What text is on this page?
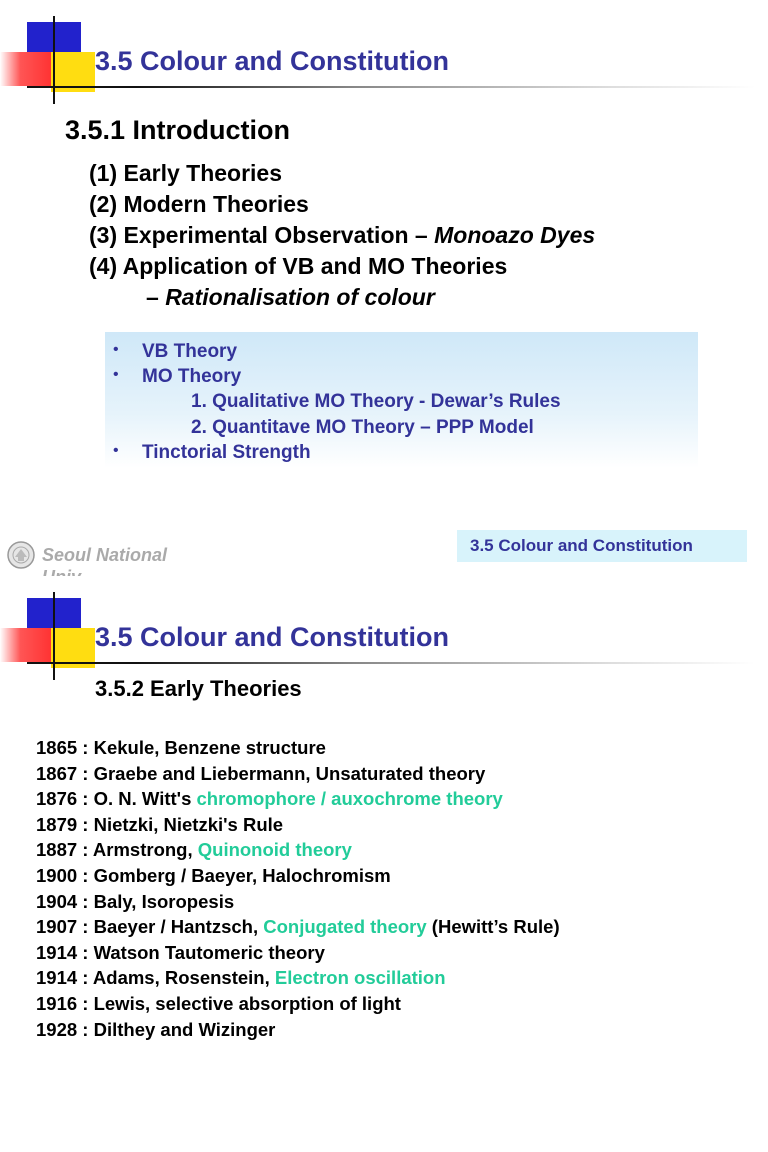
3.5 Colour and Constitution
3.5.1 Introduction
(1) Early Theories
(2) Modern Theories
(3) Experimental Observation – Monoazo Dyes
(4) Application of VB and MO Theories
– Rationalisation of colour
• VB Theory
• MO Theory
1. Qualitative MO Theory - Dewar’s Rules
2. Quantitave MO Theory – PPP Model
• Tinctorial Strength
Seoul National	3.5 Colour and Constitution
3.5 Colour and Constitution
3.5.2 Early Theories
1865 : Kekule, Benzene structure
1867 : Graebe and Liebermann, Unsaturated theory
1876 : O. N. Witt's chromophore / auxochrome theory
1879 : Nietzki, Nietzki's Rule
1887 : Armstrong, Quinonoid theory
1900 : Gomberg / Baeyer, Halochromism
1904 : Baly, Isoropesis
1907 : Baeyer / Hantzsch, Conjugated theory (Hewitt’s Rule)
1914 : Watson Tautomeric theory
1914 : Adams, Rosenstein, Electron oscillation
1916 : Lewis, selective absorption of light
1928 : Dilthey and Wizinger
